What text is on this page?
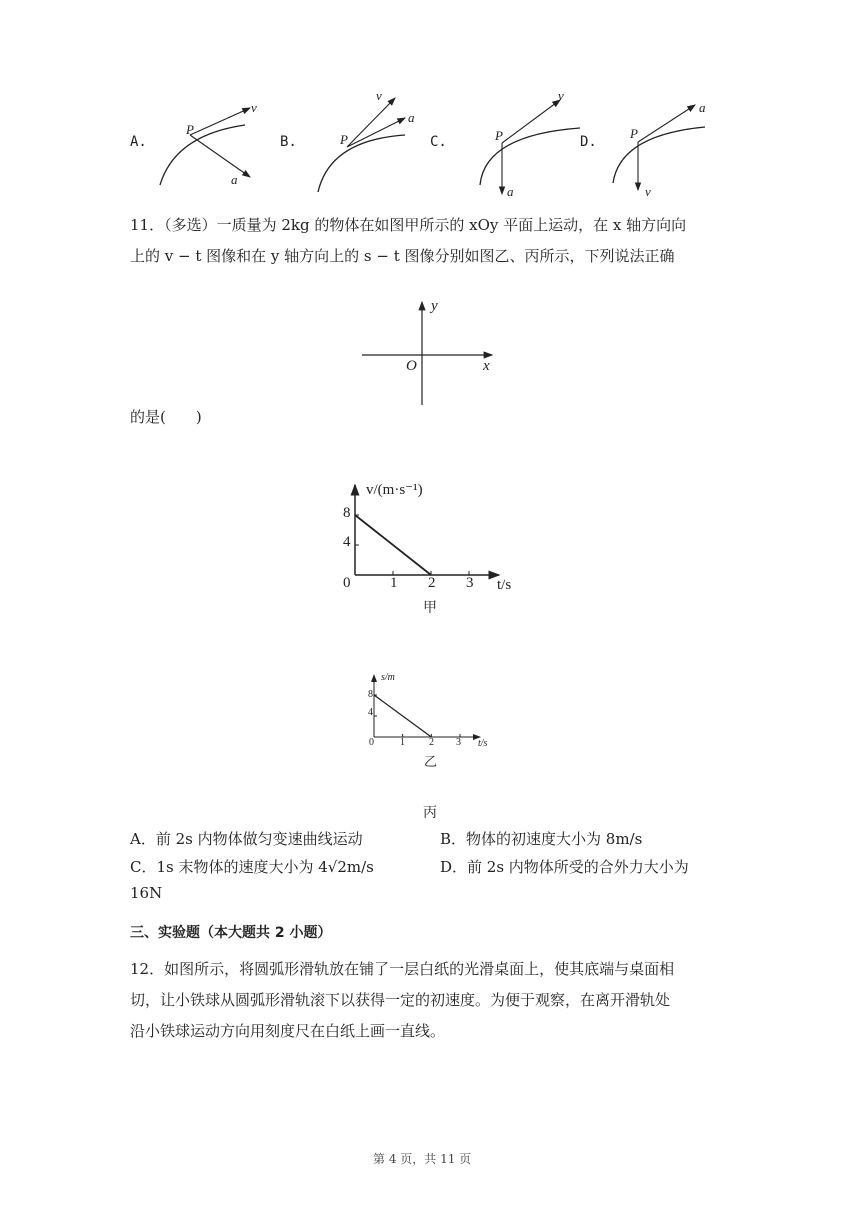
A.
P
v
a
B.	P
v
a
C.	P
v
a
D.
P
a
v
11．（多选）一质量为 2kg 的物体在如图甲所示的 xOy 平面上运动，在 x 轴方向向
上的 v − t 图像和在 y 轴方向上的 s − t 图像分别如图乙、丙所示，下列说法正确
y
x
O
的是(　　)
v/(m·s⁻¹)
t/s
8
4
0	1 2 3
甲
s/m
t/s
8
4
0	1 2 3
乙
丙
A．前 2s 内物体做匀变速曲线运动	B．物体的初速度大小为 8m/s
C．1s 末物体的速度大小为 4√2m/s	D．前 2s 内物体所受的合外力大小为
16N
三、实验题（本大题共 2 小题）
12．如图所示，将圆弧形滑轨放在铺了一层白纸的光滑桌面上，使其底端与桌面相
切，让小铁球从圆弧形滑轨滚下以获得一定的初速度。为便于观察，在离开滑轨处
沿小铁球运动方向用刻度尺在白纸上画一直线。
第 4 页，共 11 页
